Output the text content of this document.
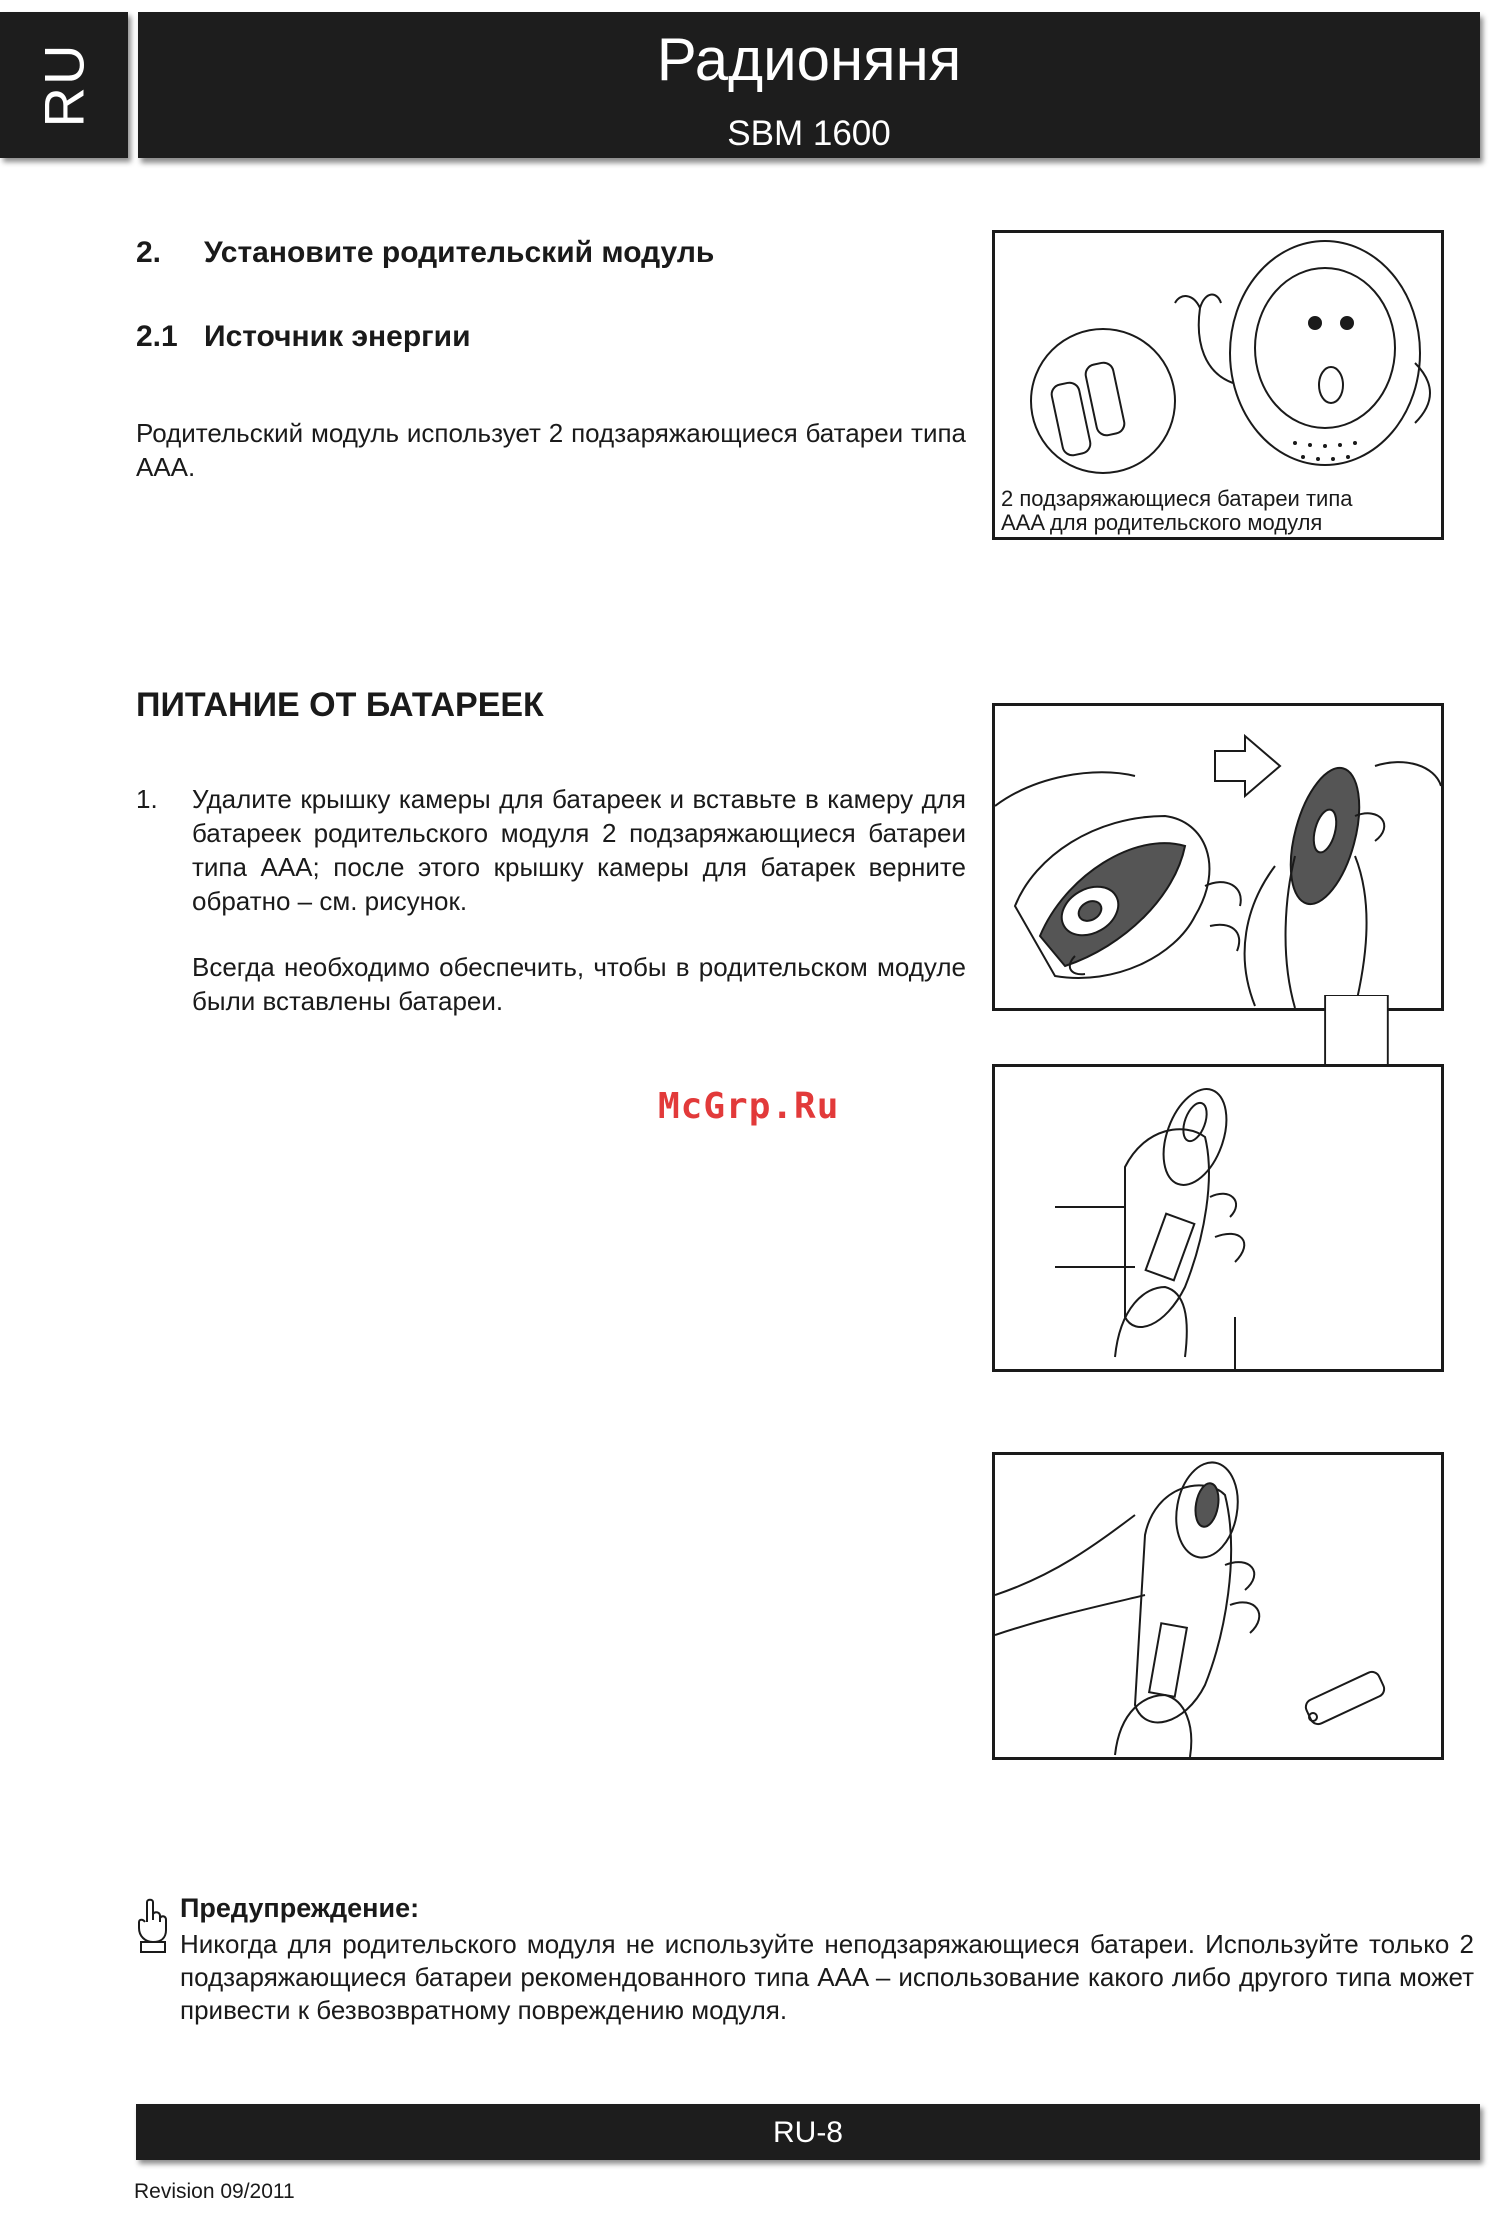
RU	Радионяня
SBM 1600
2. Установите родительский модуль
2.1 Источник энергии
Родительский модуль использует 2 подзаряжающиеся батареи типа AAA.
2 подзаряжающиеся батареи типа
AAA для родительского модуля
ПИТАНИЕ ОТ БАТАРЕЕК
1. Удалите крышку камеры для батареек и вставьте в камеру для батареек родительского модуля 2 подзаряжающиеся батареи типа AAA; после этого крышку камеры для батарек верните обратно – см. рисунок.
Всегда необходимо обеспечить, чтобы в родительском модуле были вставлены батареи.
McGrp.Ru
Предупреждение:
Никогда для родительского модуля не используйте неподзаряжающиеся батареи. Используйте только 2 подзаряжающиеся батареи рекомендованного типа AAA – использование какого либо другого типа может привести к безвозвратному повреждению модуля.
RU-8
Revision 09/2011
